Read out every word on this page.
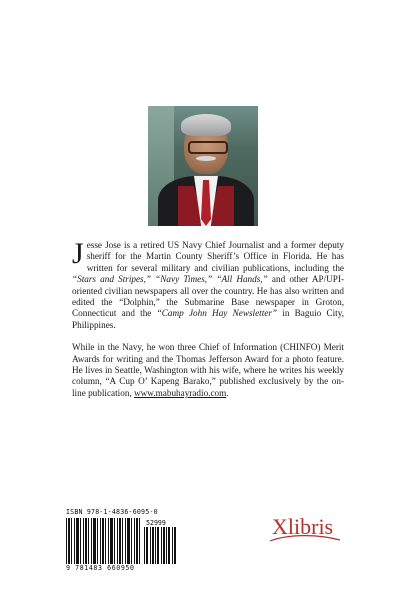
Jesse Jose is a retired US Navy Chief Journalist and a former deputy sheriff for the Martin County Sheriff’s Office in Florida. He has written for several military and civilian publications, including the “Stars and Stripes,” “Navy Times,” “All Hands,” and other AP/UPI-oriented civilian newspapers all over the country. He has also written and edited the “Dolphin,” the Submarine Base newspaper in Groton, Connecticut and the “Camp John Hay Newsletter” in Baguio City, Philippines.

While in the Navy, he won three Chief of Information (CHINFO) Merit Awards for writing and the Thomas Jefferson Award for a photo feature. He lives in Seattle, Washington with his wife, where he writes his weekly column, “A Cup O’ Kapeng Barako,” published exclusively by the on-line publication, www.mabuhayradio.com.

ISBN 978-1-4836-6095-0
52999
9 781483 660950
Xlibris
